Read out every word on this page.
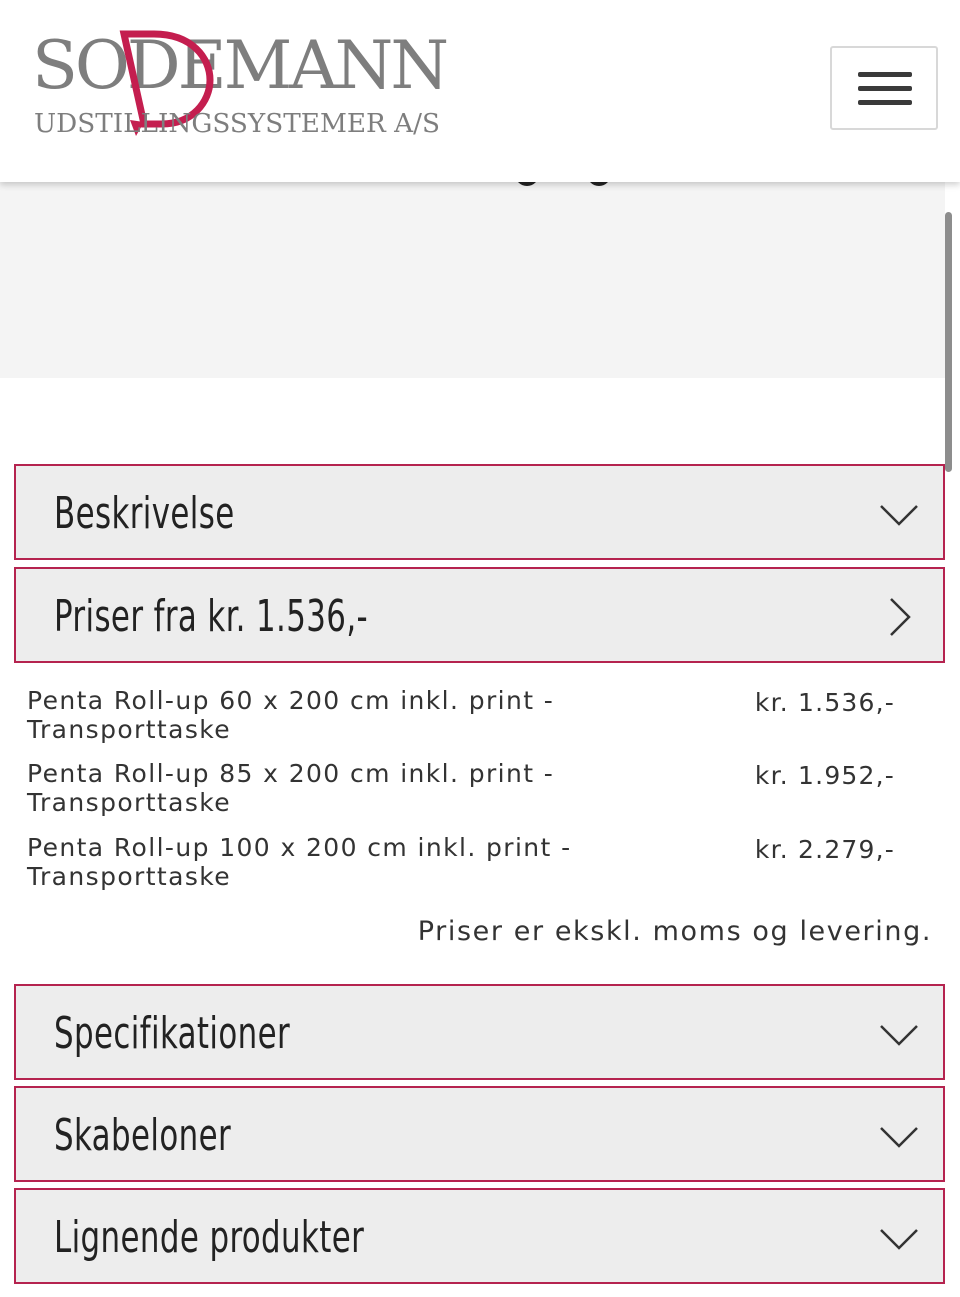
SODEMANN
UDSTILLINGSSYSTEMER A/S
Beskrivelse
Priser fra kr. 1.536,-
Penta Roll-up 60 x 200 cm inkl. print - Transporttaske
kr. 1.536,-
Penta Roll-up 85 x 200 cm inkl. print - Transporttaske
kr. 1.952,-
Penta Roll-up 100 x 200 cm inkl. print - Transporttaske
kr. 2.279,-
Priser er ekskl. moms og levering.
Specifikationer
Skabeloner
Lignende produkter
